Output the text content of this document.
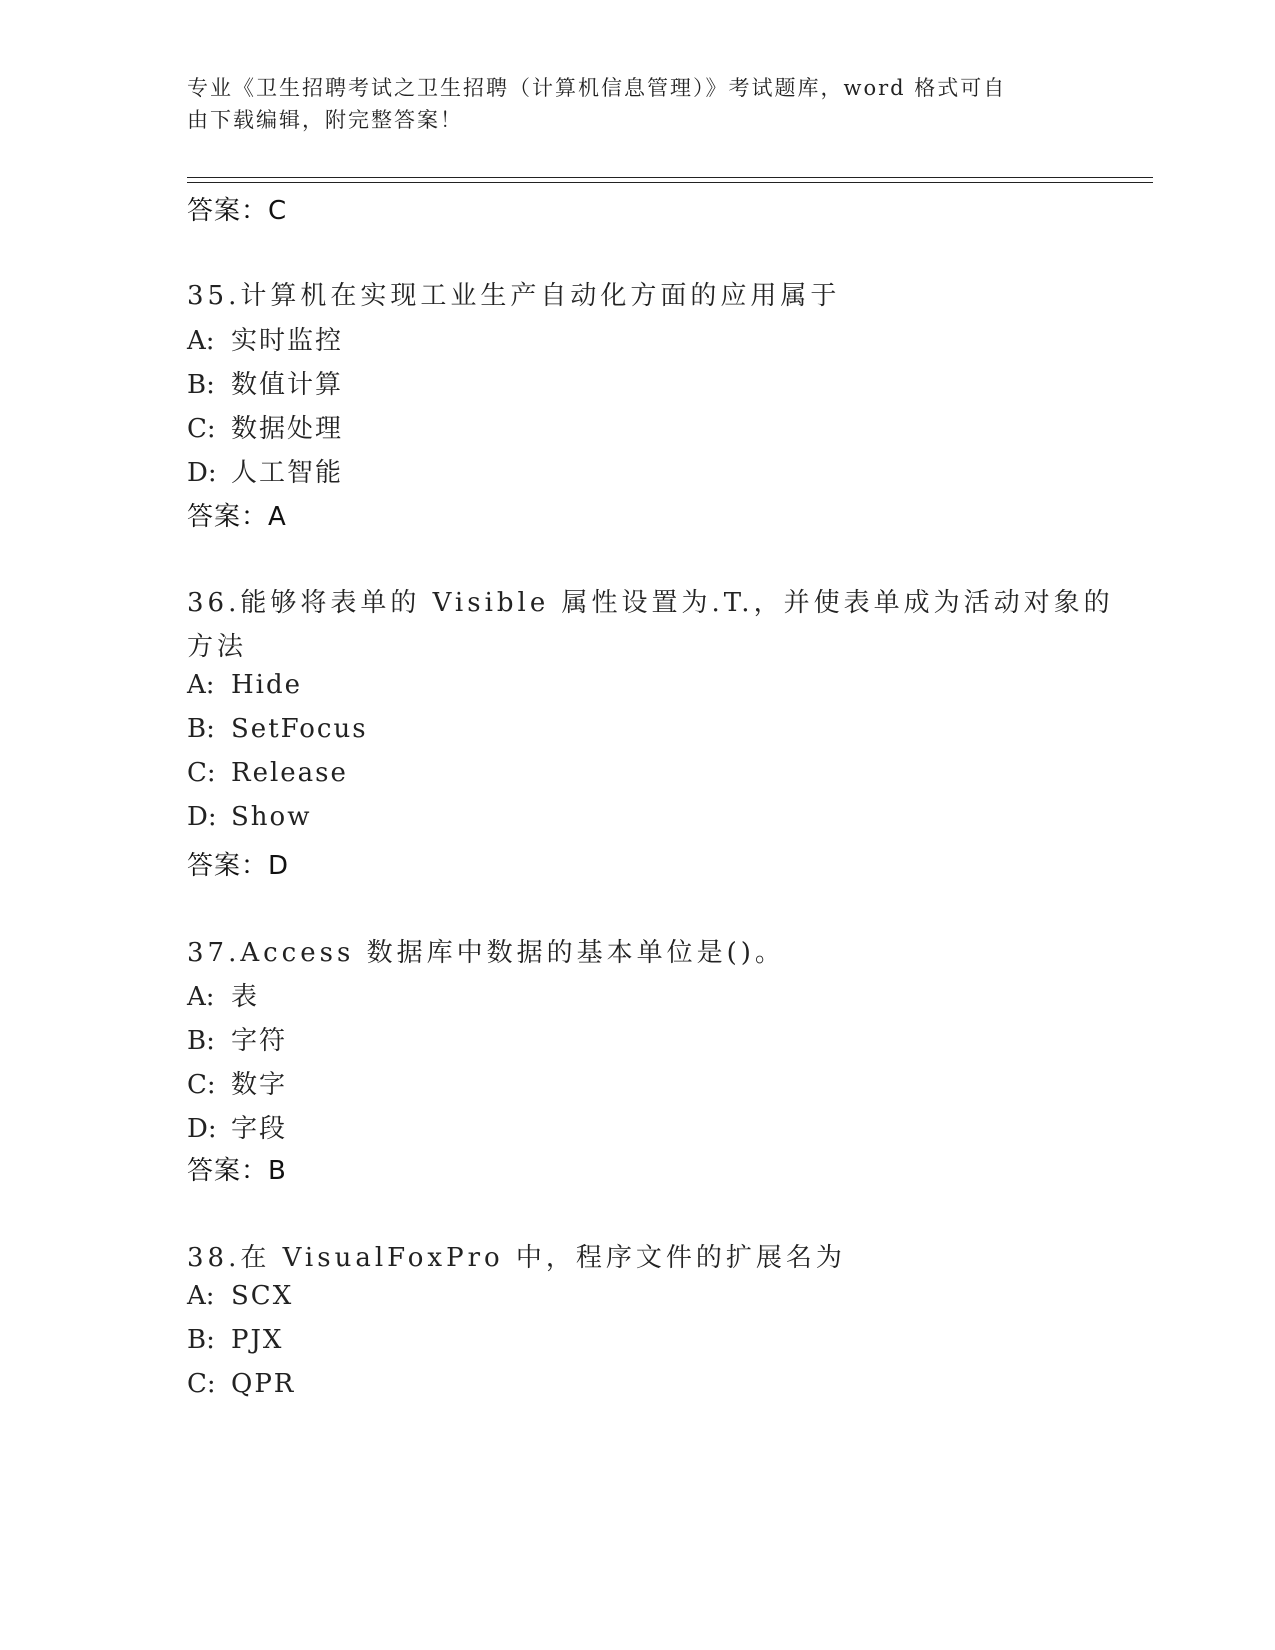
专业《卫生招聘考试之卫生招聘（计算机信息管理）》考试题库，word 格式可自
由下载编辑，附完整答案！
答案：C
35.计算机在实现工业生产自动化方面的应用属于
A: 实时监控
B: 数值计算
C: 数据处理
D: 人工智能
答案：A
36.能够将表单的 Visible 属性设置为.T.，并使表单成为活动对象的
方法
A: Hide
B: SetFocus
C: Release
D: Show
答案：D
37.Access 数据库中数据的基本单位是()。
A: 表
B: 字符
C: 数字
D: 字段
答案：B
38.在 VisualFoxPro 中，程序文件的扩展名为
A: SCX
B: PJX
C: QPR
